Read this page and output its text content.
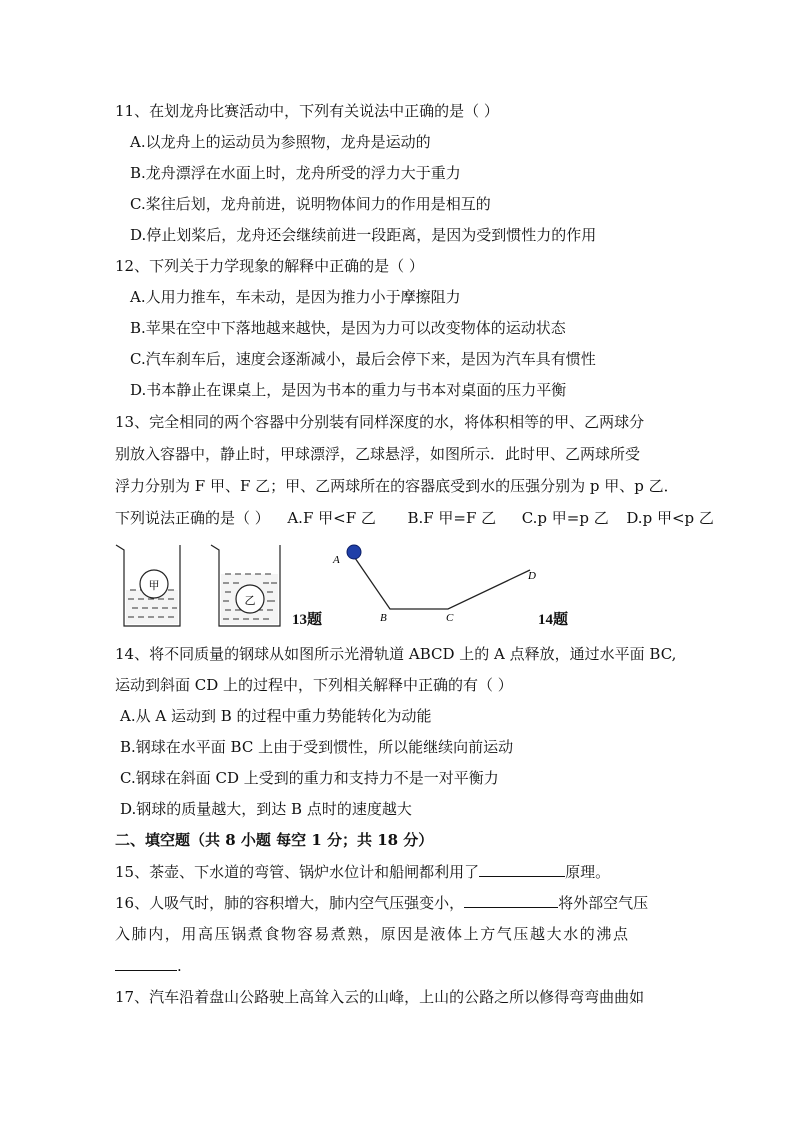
11、在划龙舟比赛活动中，下列有关说法中正确的是（ ）
A.以龙舟上的运动员为参照物，龙舟是运动的
B.龙舟漂浮在水面上时，龙舟所受的浮力大于重力
C.桨往后划，龙舟前进，说明物体间力的作用是相互的
D.停止划桨后，龙舟还会继续前进一段距离，是因为受到惯性力的作用
12、下列关于力学现象的解释中正确的是（ ）
A.人用力推车，车未动，是因为推力小于摩擦阻力
B.苹果在空中下落地越来越快，是因为力可以改变物体的运动状态
C.汽车刹车后，速度会逐渐减小，最后会停下来，是因为汽车具有惯性
D.书本静止在课桌上，是因为书本的重力与书本对桌面的压力平衡
13、完全相同的两个容器中分别装有同样深度的水，将体积相等的甲、乙两球分
别放入容器中，静止时，甲球漂浮，乙球悬浮，如图所示．此时甲、乙两球所受
浮力分别为 F 甲、F 乙；甲、乙两球所在的容器底受到水的压强分别为 p 甲、p 乙．
下列说法正确的是（ ） A.F 甲<F 乙 B.F 甲=F 乙 C.p 甲=p 乙 D.p 甲<p 乙
甲
乙
A
B	C
D
13题	14题
14、将不同质量的钢球从如图所示光滑轨道 ABCD 上的 A 点释放，通过水平面 BC,
运动到斜面 CD 上的过程中，下列相关解释中正确的有（ ）
A.从 A 运动到 B 的过程中重力势能转化为动能
B.钢球在水平面 BC 上由于受到惯性，所以能继续向前运动
C.钢球在斜面 CD 上受到的重力和支持力不是一对平衡力
D.钢球的质量越大，到达 B 点时的速度越大
二、填空题（共 8 小题 每空 1 分；共 18 分）
15、茶壶、下水道的弯管、锅炉水位计和船闸都利用了	原理。
16、人吸气时，肺的容积增大，肺内空气压强变小，	将外部空气压
入肺内，用高压锅煮食物容易煮熟，原因是液体上方气压越大水的沸点
.
17、汽车沿着盘山公路驶上高耸入云的山峰，上山的公路之所以修得弯弯曲曲如
